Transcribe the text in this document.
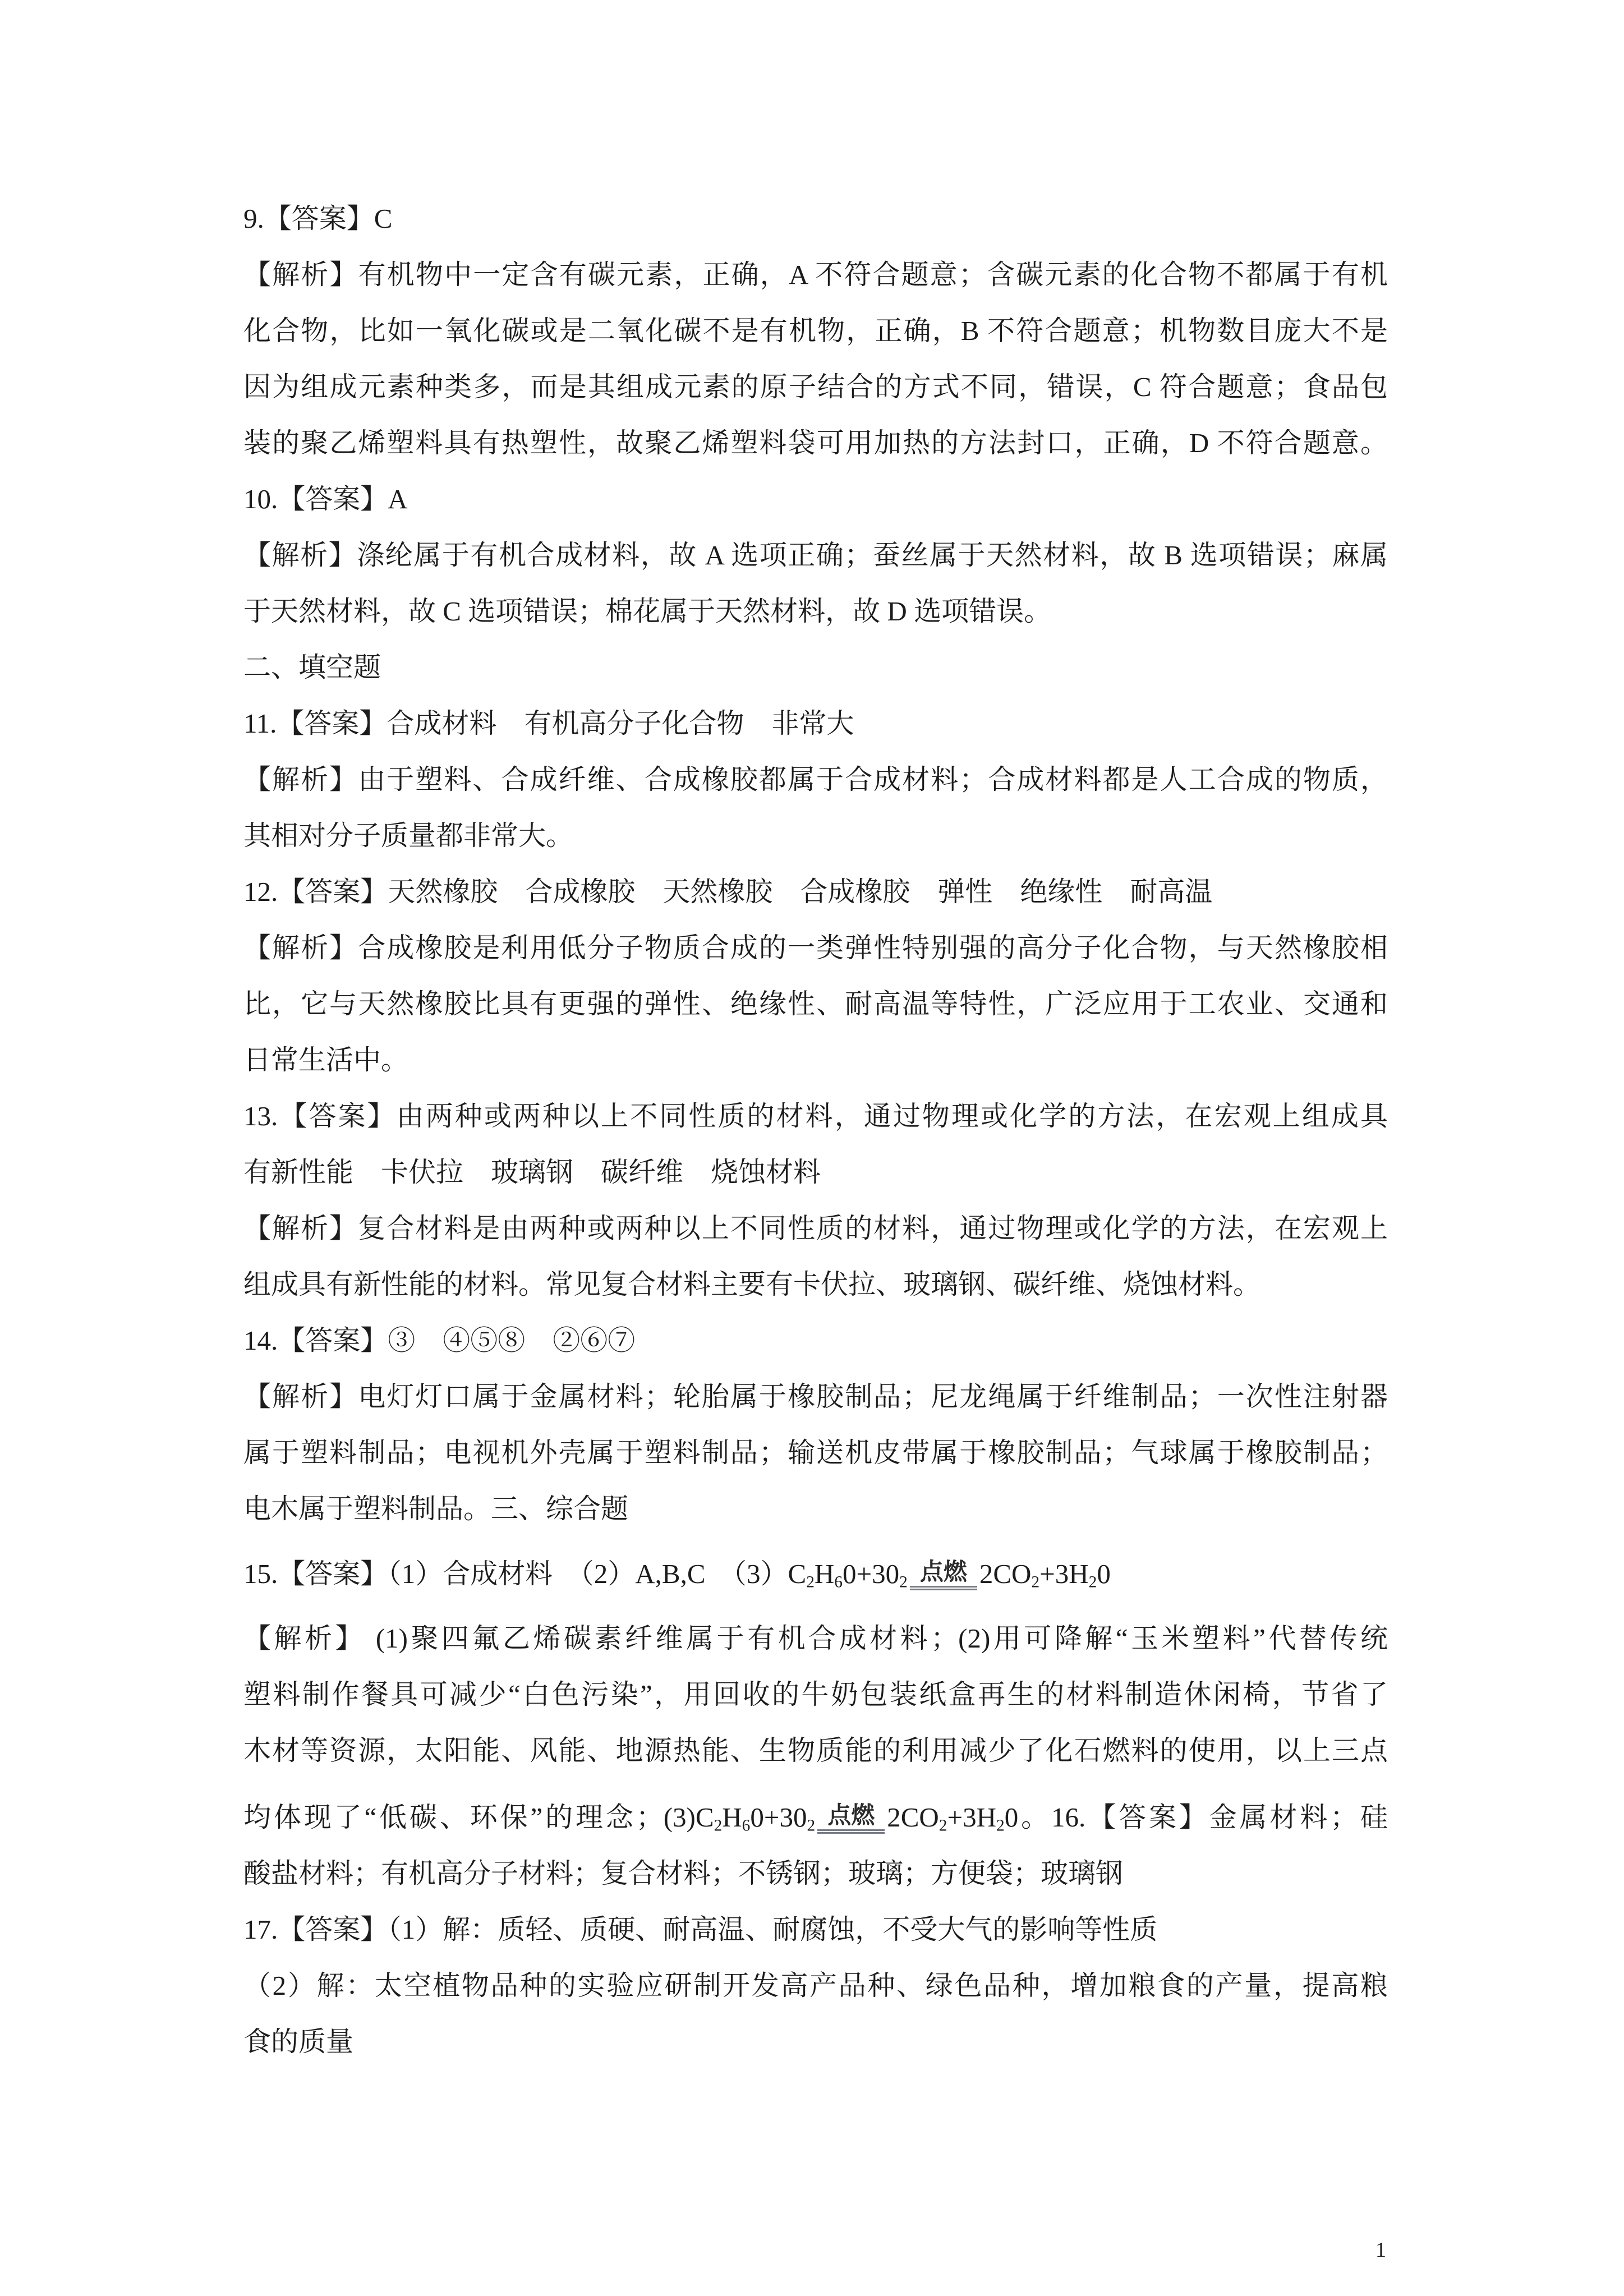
9.【答案】C
【解析】有机物中一定含有碳元素，正确，A 不符合题意；含碳元素的化合物不都属于有机
化合物，比如一氧化碳或是二氧化碳不是有机物，正确，B 不符合题意；机物数目庞大不是
因为组成元素种类多，而是其组成元素的原子结合的方式不同，错误，C 符合题意；食品包
装的聚乙烯塑料具有热塑性，故聚乙烯塑料袋可用加热的方法封口，正确，D 不符合题意。
10.【答案】A
【解析】涤纶属于有机合成材料，故 A 选项正确；蚕丝属于天然材料，故 B 选项错误；麻属
于天然材料，故 C 选项错误；棉花属于天然材料，故 D 选项错误。
二、填空题
11.【答案】合成材料　有机高分子化合物　非常大
【解析】由于塑料、合成纤维、合成橡胶都属于合成材料；合成材料都是人工合成的物质，
其相对分子质量都非常大。
12.【答案】天然橡胶　合成橡胶　天然橡胶　合成橡胶　弹性　绝缘性　耐高温
【解析】合成橡胶是利用低分子物质合成的一类弹性特别强的高分子化合物，与天然橡胶相
比，它与天然橡胶比具有更强的弹性、绝缘性、耐高温等特性，广泛应用于工农业、交通和
日常生活中。
13.【答案】由两种或两种以上不同性质的材料，通过物理或化学的方法，在宏观上组成具
有新性能　卡伏拉　玻璃钢　碳纤维　烧蚀材料
【解析】复合材料是由两种或两种以上不同性质的材料，通过物理或化学的方法，在宏观上
组成具有新性能的材料。常见复合材料主要有卡伏拉、玻璃钢、碳纤维、烧蚀材料。
14.【答案】③　④⑤⑧　②⑥⑦
【解析】电灯灯口属于金属材料；轮胎属于橡胶制品；尼龙绳属于纤维制品；一次性注射器
属于塑料制品；电视机外壳属于塑料制品；输送机皮带属于橡胶制品；气球属于橡胶制品；
电木属于塑料制品。三、综合题
15.【答案】（1）合成材料　（2）A,B,C　$(3)C_2H_60+30_2$ 点燃 $2CO_2+3H_20$
【解析】 (1)聚四氟乙烯碳素纤维属于有机合成材料；(2)用可降解“玉米塑料”代替传统
塑料制作餐具可减少“白色污染”，用回收的牛奶包装纸盒再生的材料制造休闲椅，节省了
木材等资源，太阳能、风能、地源热能、生物质能的利用减少了化石燃料的使用，以上三点
均体现了“低碳、环保”的理念；$(3)C_2H_60+30_2$ 点燃 $2CO_2+3H_20$。16.【答案】金属材料；硅
酸盐材料；有机高分子材料；复合材料；不锈钢；玻璃；方便袋；玻璃钢
17.【答案】（1）解：质轻、质硬、耐高温、耐腐蚀，不受大气的影响等性质
（2）解：太空植物品种的实验应研制开发高产品种、绿色品种，增加粮食的产量，提高粮
食的质量
1
